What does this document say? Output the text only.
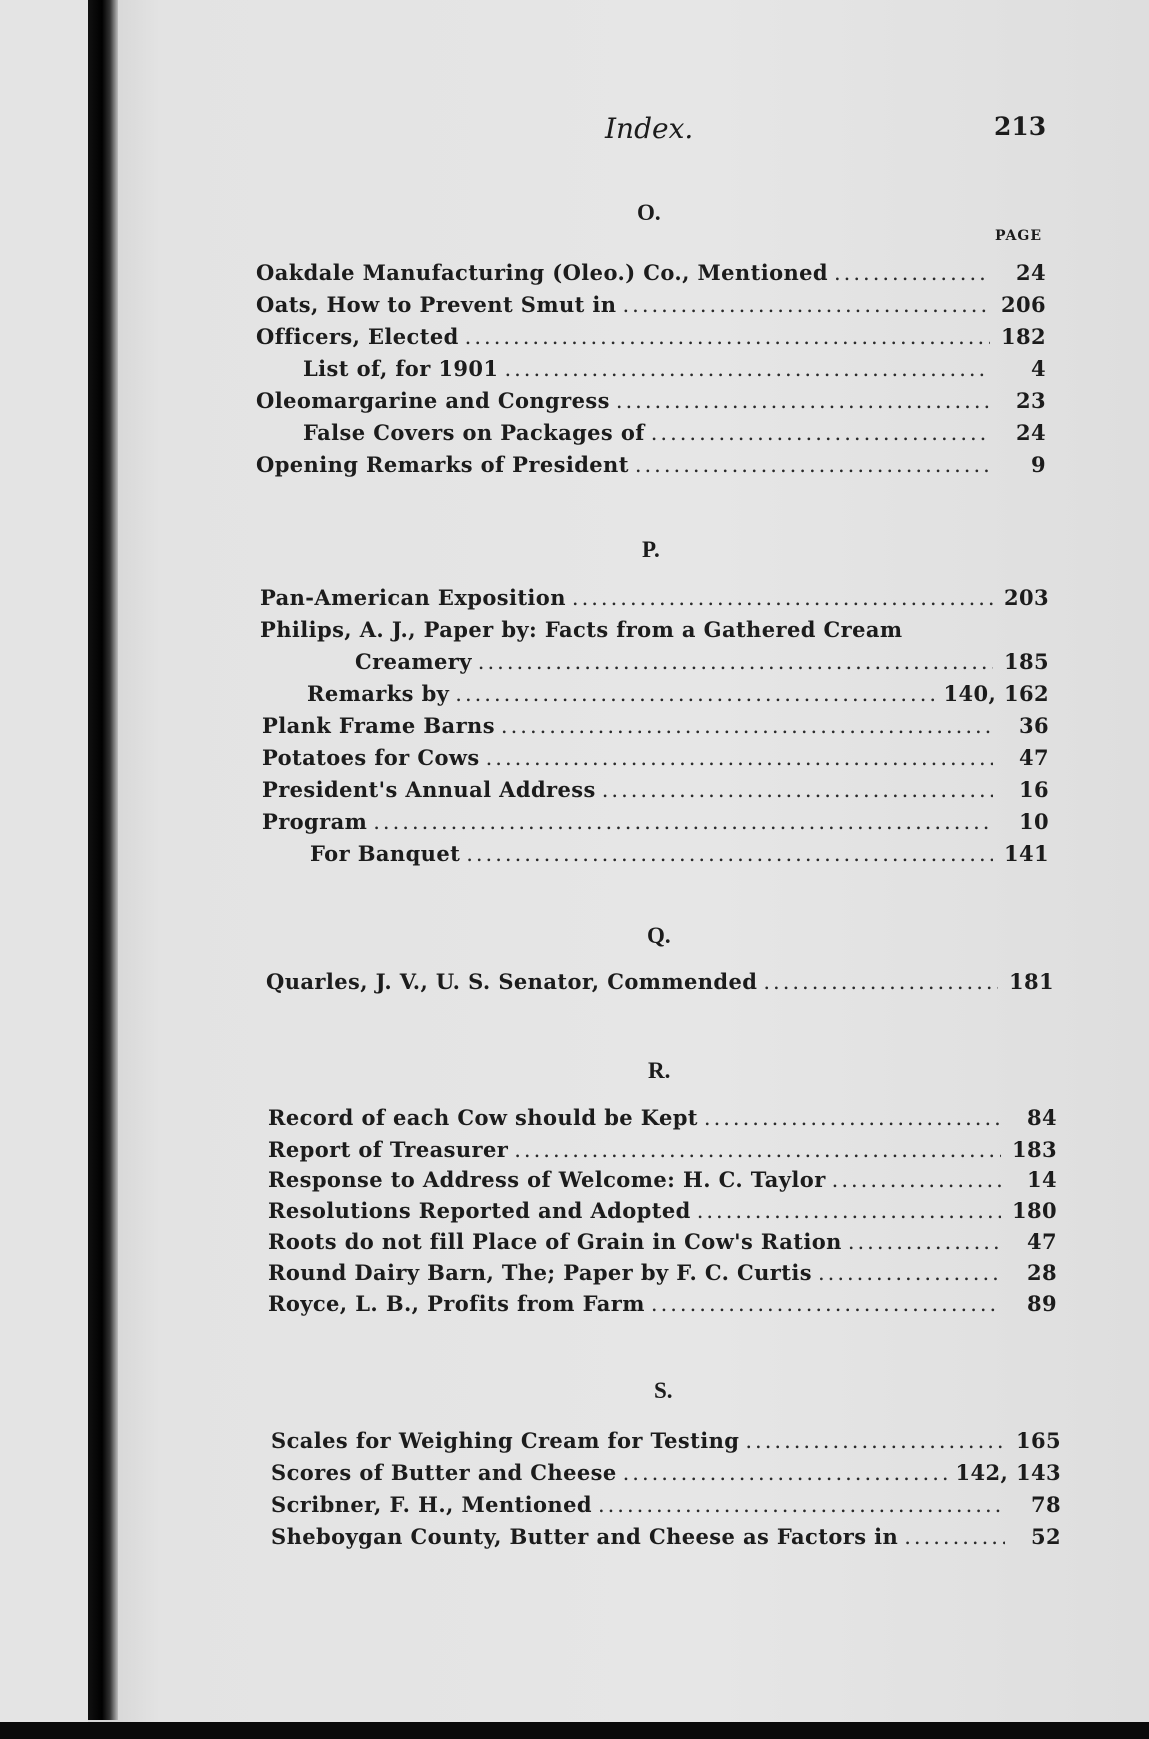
Index.	213
PAGE
O.
Oakdale Manufacturing (Oleo.) Co., Mentioned .....	24
Oats, How to Prevent Smut in .....	206
Officers, Elected .....	182
List of, for 1901 .....	4
Oleomargarine and Congress .....	23
False Covers on Packages of .....	24
Opening Remarks of President .....	9
P.
Pan-American Exposition .....	203
Philips, A. J., Paper by: Facts from a Gathered Cream
Creamery .....	185
Remarks by .....	140, 162
Plank Frame Barns .....	36
Potatoes for Cows .....	47
President's Annual Address .....	16
Program .....	10
For Banquet .....	141
Q.
Quarles, J. V., U. S. Senator, Commended .....	181
R.
Record of each Cow should be Kept .....	84
Report of Treasurer .....	183
Response to Address of Welcome: H. C. Taylor .....	14
Resolutions Reported and Adopted .....	180
Roots do not fill Place of Grain in Cow's Ration .....	47
Round Dairy Barn, The; Paper by F. C. Curtis .....	28
Royce, L. B., Profits from Farm .....	89
S.
Scales for Weighing Cream for Testing .....	165
Scores of Butter and Cheese .....	142, 143
Scribner, F. H., Mentioned .....	78
Sheboygan County, Butter and Cheese as Factors in .....	52
